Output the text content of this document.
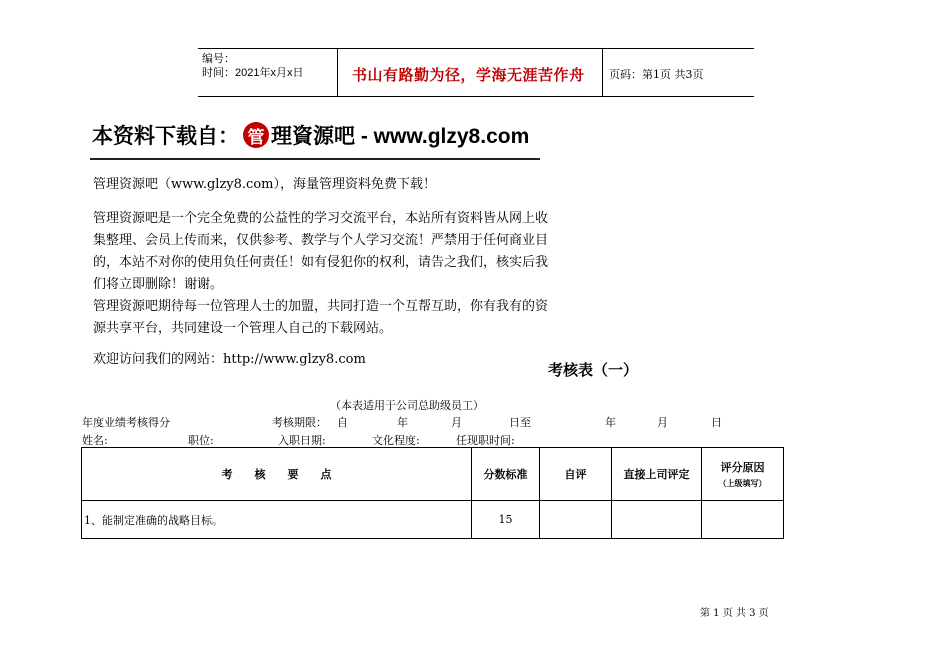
编号：
时间：2021年x月x日	书山有路勤为径，学海无涯苦作舟 页码：第1页 共3页
本资料下载自： 管 理資源吧 - www.glzy8.com
管理资源吧（www.glzy8.com），海量管理资料免费下载！
管理资源吧是一个完全免费的公益性的学习交流平台，本站所有资料皆从网上收集整理、会员上传而来，仅供参考、教学与个人学习交流！严禁用于任何商业目的，本站不对你的使用负任何责任！如有侵犯你的权利，请告之我们，核实后我们将立即删除！谢谢。
管理资源吧期待每一位管理人士的加盟，共同打造一个互帮互助，你有我有的资源共享平台，共同建设一个管理人自己的下载网站。
欢迎访问我们的网站：http://www.glzy8.com
考核表（一）
（本表适用于公司总助级员工）
年度业绩考核得分	考核期限： 自	年	月	日至	年	月	日
姓名:	职位:	入职日期:	文化程度:	任现职时间:
考　　核　　要　　点	分数标准	自评	直接上司评定	评分原因
（上级填写）

1、能制定准确的战略目标。	15			
第 1 页 共 3 页
